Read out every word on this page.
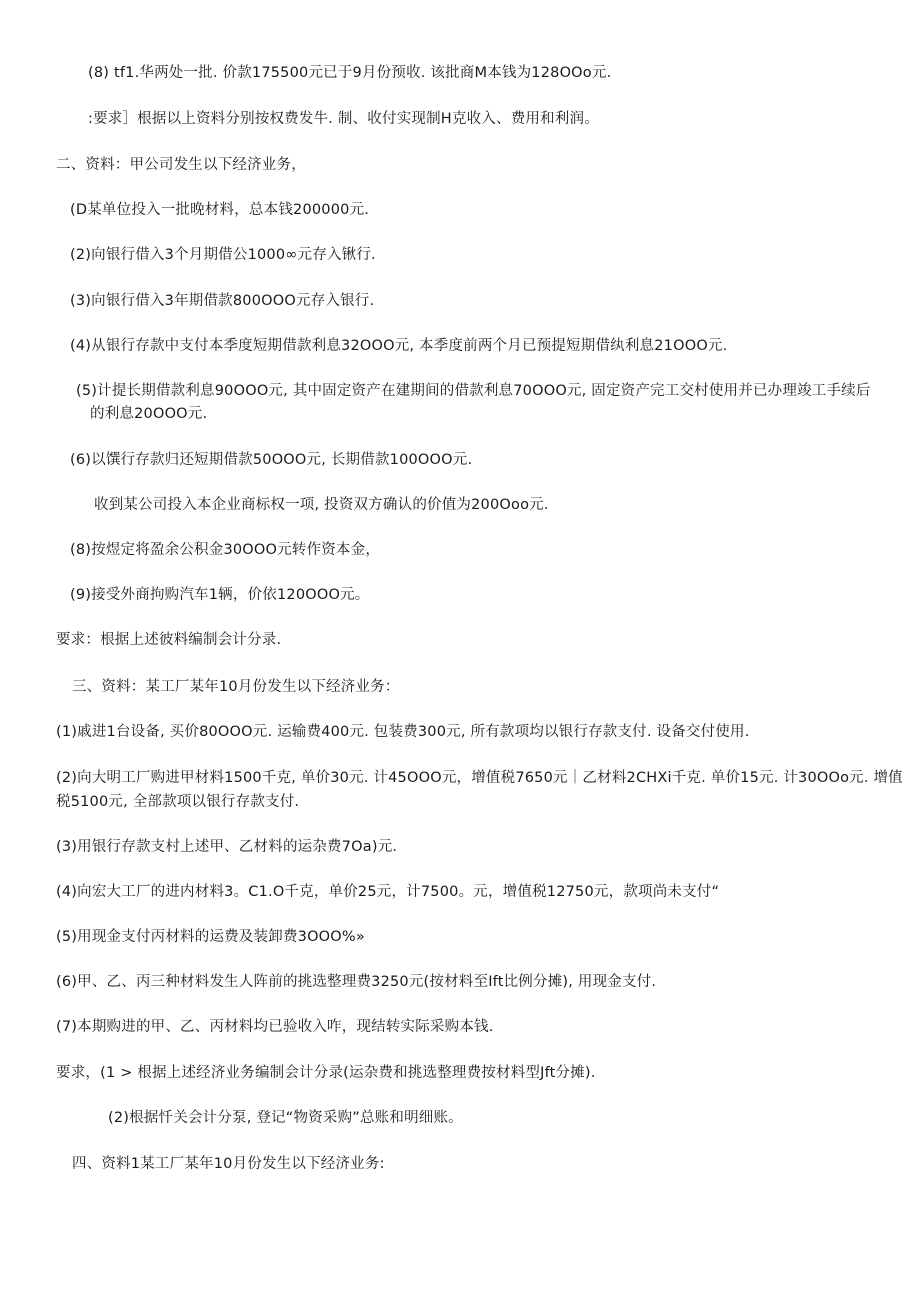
(8) tf1.华两处一批. 价款175500元已于9月份预收. 该批商M本钱为128OOo元.
:要求］根据以上资料分别按权费发牛. 制、收付实现制H克收入、费用和利润。
二、资料：甲公司发生以下经济业务，
(D某单位投入一批晚材料，总本钱200000元.
(2)向银行借入3个月期借公1000∞元存入锹行.
(3)向银行借入3年期借款800OOO元存入银行.
(4)从银行存款中支付本季度短期借款利息32OOO元, 本季度前两个月已预提短期借纨利息21OOO元.
(5)计提长期借款利息90OOO元, 其中固定资产在建期间的借款利息70OOO元, 固定资产完工交村使用并已办理竣工手续后
的利息20OOO元.
(6)以馔行存款归还短期借款50OOO元, 长期借款100OOO元.
收到某公司投入本企业商标权一项, 投资双方确认的价值为200Ooo元.
(8)按煜定将盈余公积金30OOO元转作资本金，
(9)接受外商拘购汽车1辆，价依120OOO元。
要求：根据上述彼料编制会计分录.
三、资料：某工厂某年10月份发生以下经济业务：
(1)戚进1台设备, 买价80OOO元. 运输费400元. 包装费300元, 所有款项均以银行存款支付. 设备交付使用.
(2)向大明工厂购进甲材料1500千克, 单价30元. 计45OOO元，增值税7650元｜乙材料2CHXi千克. 单价15元. 计30OOo元. 增值
税5100元, 全部款项以银行存款支付.
(3)用银行存款支村上述甲、乙材料的运杂费7Oa)元.
(4)向宏大工厂的进内材料3。C1.O千克，单价25元，计7500。元，增值税12750元，款项尚未支付“
(5)用现金支付丙材料的运费及装卸费3OOO%»
(6)甲、乙、丙三种材料发生人阵前的挑选整理费3250元(按材料至Ift比例分摊), 用现金支付.
(7)本期购进的甲、乙、丙材料均已验收入咋，现结转实际采购本钱.
要求，(1 > 根据上述经济业务编制会计分录(运杂费和挑选整理费按材料型Jft分摊).
(2)根据忏关会计分泵, 登记“物资采购”总账和明细账。
四、资料1某工厂某年10月份发生以下经济业务:
